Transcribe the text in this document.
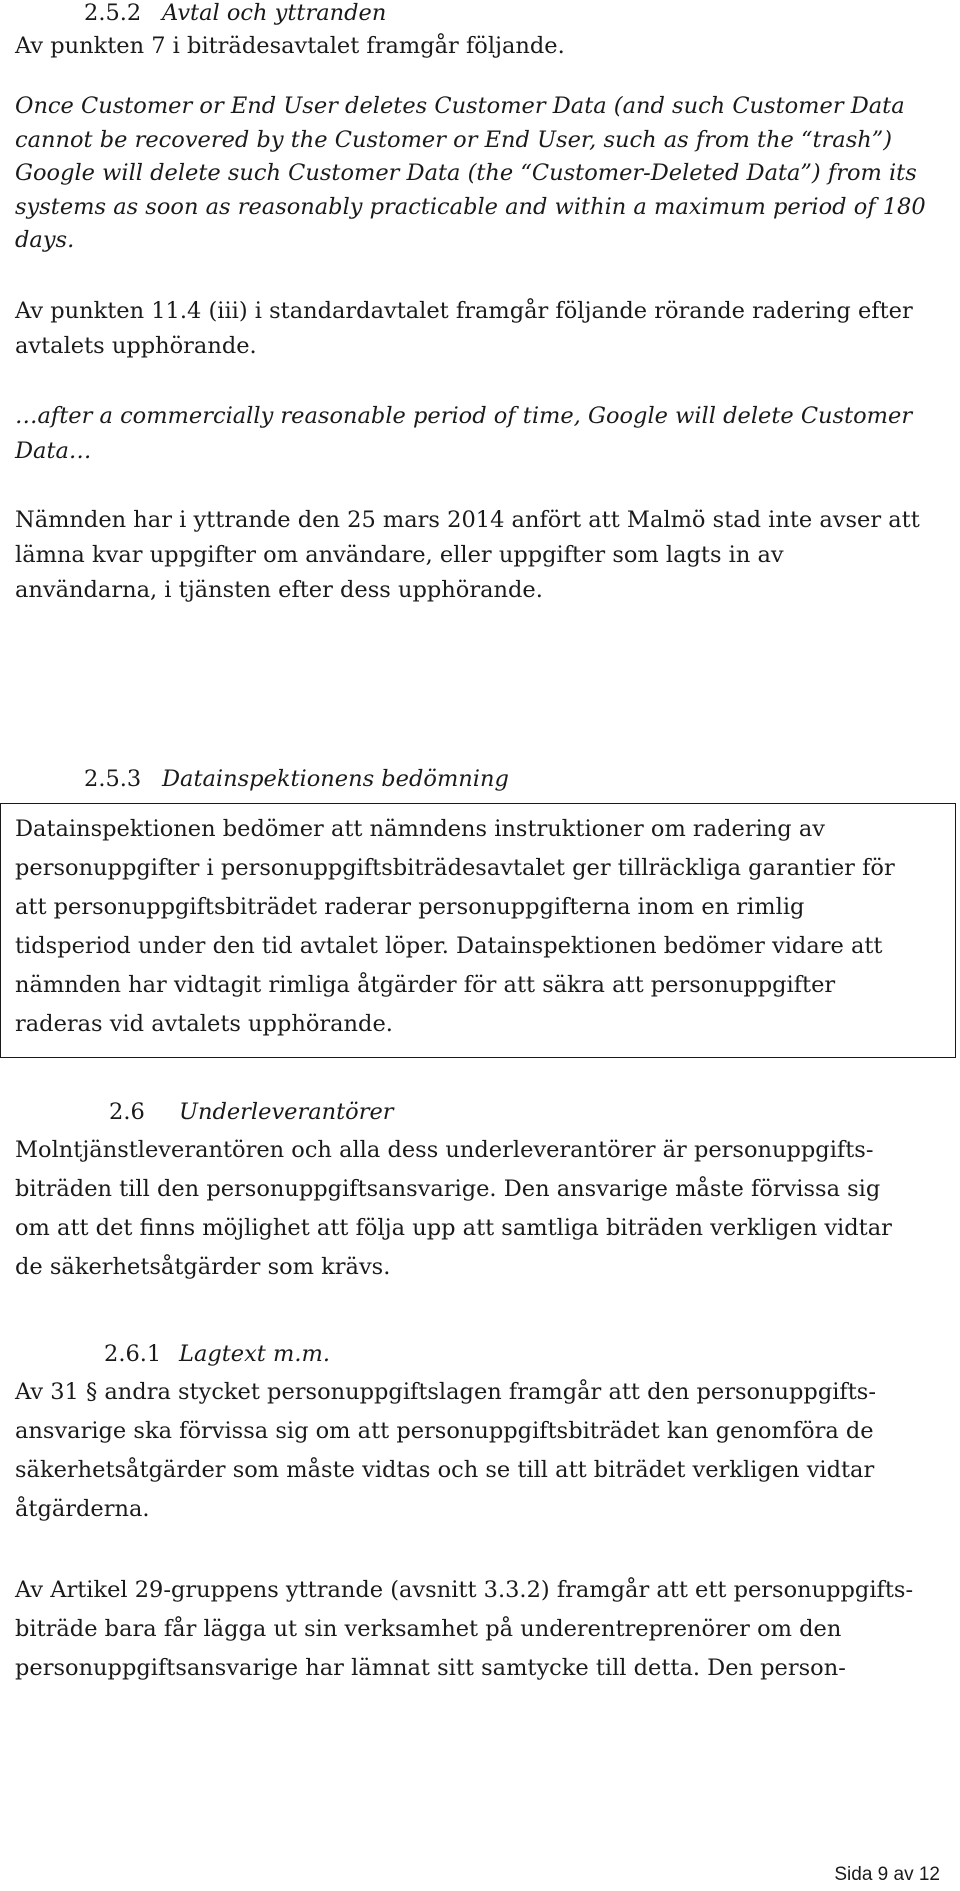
2.5.2 Avtal och yttranden
Av punkten 7 i biträdesavtalet framgår följande.
Once Customer or End User deletes Customer Data (and such Customer Data
cannot be recovered by the Customer or End User, such as from the “trash”)
Google will delete such Customer Data (the “Customer-Deleted Data”) from its
systems as soon as reasonably practicable and within a maximum period of 180
days.
Av punkten 11.4 (iii) i standardavtalet framgår följande rörande radering efter
avtalets upphörande.
…after a commercially reasonable period of time, Google will delete Customer
Data…
Nämnden har i yttrande den 25 mars 2014 anfört att Malmö stad inte avser att
lämna kvar uppgifter om användare, eller uppgifter som lagts in av
användarna, i tjänsten efter dess upphörande.
2.5.3 Datainspektionens bedömning
Datainspektionen bedömer att nämndens instruktioner om radering av
personuppgifter i personuppgiftsbiträdesavtalet ger tillräckliga garantier för
att personuppgiftsbiträdet raderar personuppgifterna inom en rimlig
tidsperiod under den tid avtalet löper. Datainspektionen bedömer vidare att
nämnden har vidtagit rimliga åtgärder för att säkra att personuppgifter
raderas vid avtalets upphörande.
2.6 Underleverantörer
Molntjänstleverantören och alla dess underleverantörer är personuppgifts-
biträden till den personuppgiftsansvarige. Den ansvarige måste förvissa sig
om att det finns möjlighet att följa upp att samtliga biträden verkligen vidtar
de säkerhetsåtgärder som krävs.
2.6.1 Lagtext m.m.
Av 31 § andra stycket personuppgiftslagen framgår att den personuppgifts-
ansvarige ska förvissa sig om att personuppgiftsbiträdet kan genomföra de
säkerhetsåtgärder som måste vidtas och se till att biträdet verkligen vidtar
åtgärderna.
Av Artikel 29-gruppens yttrande (avsnitt 3.3.2) framgår att ett personuppgifts-
biträde bara får lägga ut sin verksamhet på underentreprenörer om den
personuppgiftsansvarige har lämnat sitt samtycke till detta. Den person-
Sida 9 av 12
